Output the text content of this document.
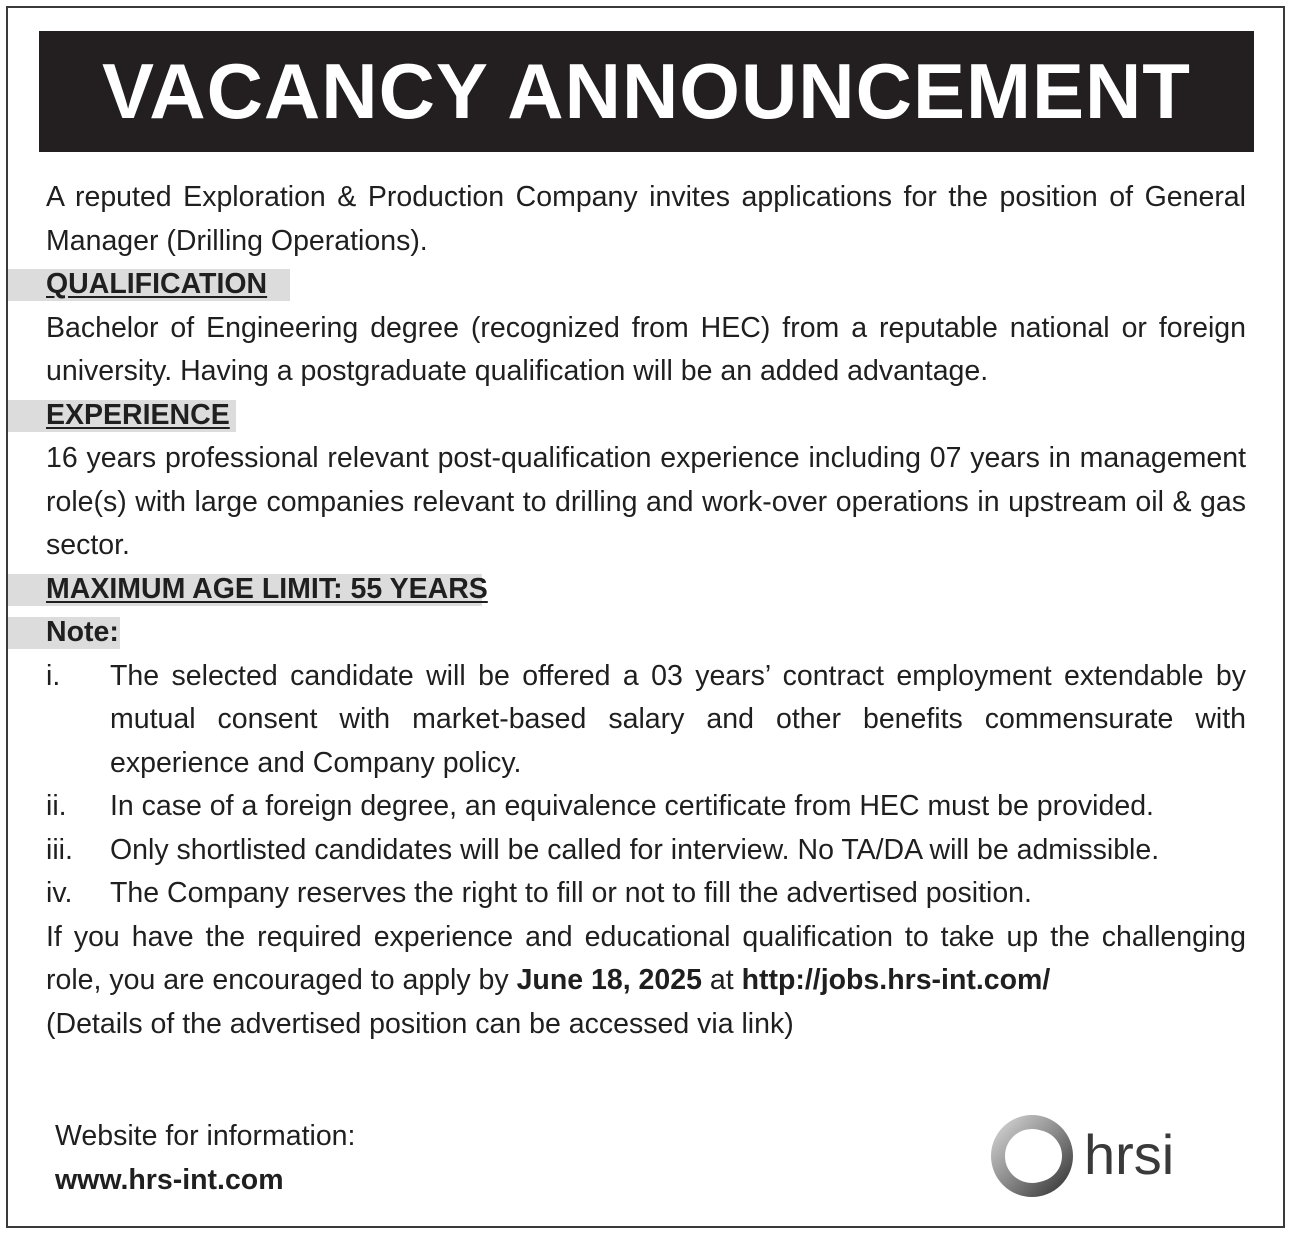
VACANCY ANNOUNCEMENT

A reputed Exploration & Production Company invites applications for the position of General Manager (Drilling Operations).

QUALIFICATION

Bachelor of Engineering degree (recognized from HEC) from a reputable national or foreign university. Having a postgraduate qualification will be an added advantage.

EXPERIENCE

16 years professional relevant post-qualification experience including 07 years in management role(s) with large companies relevant to drilling and work-over operations in upstream oil & gas sector.

MAXIMUM AGE LIMIT: 55 YEARS
Note:
i.	The selected candidate will be offered a 03 years’ contract employment extendable by mutual consent with market-based salary and other benefits commensurate with experience and Company policy.
ii.	In case of a foreign degree, an equivalence certificate from HEC must be provided.
iii.	Only shortlisted candidates will be called for interview. No TA/DA will be admissible.
iv.	The Company reserves the right to fill or not to fill the advertised position.

If you have the required experience and educational qualification to take up the challenging role, you are encouraged to apply by June 18, 2025 at http://jobs.hrs-int.com/

(Details of the advertised position can be accessed via link)

Website for information:
www.hrs-int.com	hrsi
